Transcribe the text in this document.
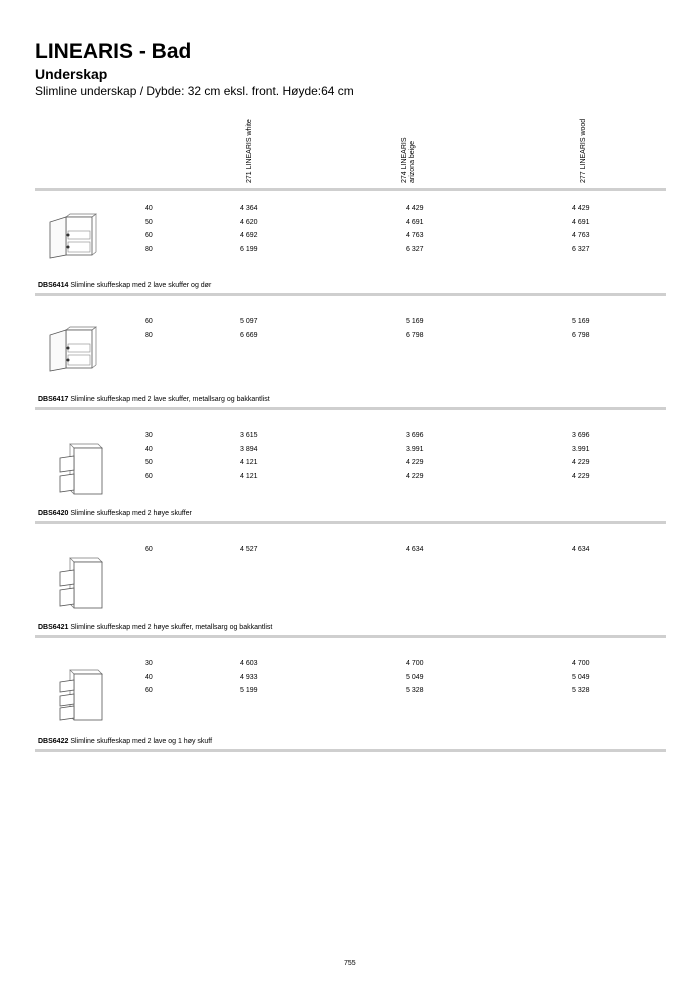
LINEARIS - Bad
Underskap
Slimline underskap / Dybde: 32 cm eksl. front. Høyde:64 cm
271 LINEARIS white	274 LINEARIS arizona beige	277 LINEARIS wood
40	4 364	4 429	4 429
50	4 620	4 691	4 691
60	4 692	4 763	4 763
80	6 199	6 327	6 327
DBS6414 Slimline skuffeskap med 2 lave skuffer og dør
60	5 097	5 169	5 169
80	6 669	6 798	6 798
DBS6417 Slimline skuffeskap med 2 lave skuffer, metallsarg og bakkantlist
30	3 615	3 696	3 696
40	3 894	3.991	3.991
50	4 121	4 229	4 229
60	4 121	4 229	4 229
DBS6420 Slimline skuffeskap med 2 høye skuffer
60	4 527	4 634	4 634
DBS6421 Slimline skuffeskap med 2 høye skuffer, metallsarg og bakkantlist
30	4 603	4 700	4 700
40	4 933	5 049	5 049
60	5 199	5 328	5 328
DBS6422 Slimline skuffeskap med 2 lave og 1 høy skuff
755
